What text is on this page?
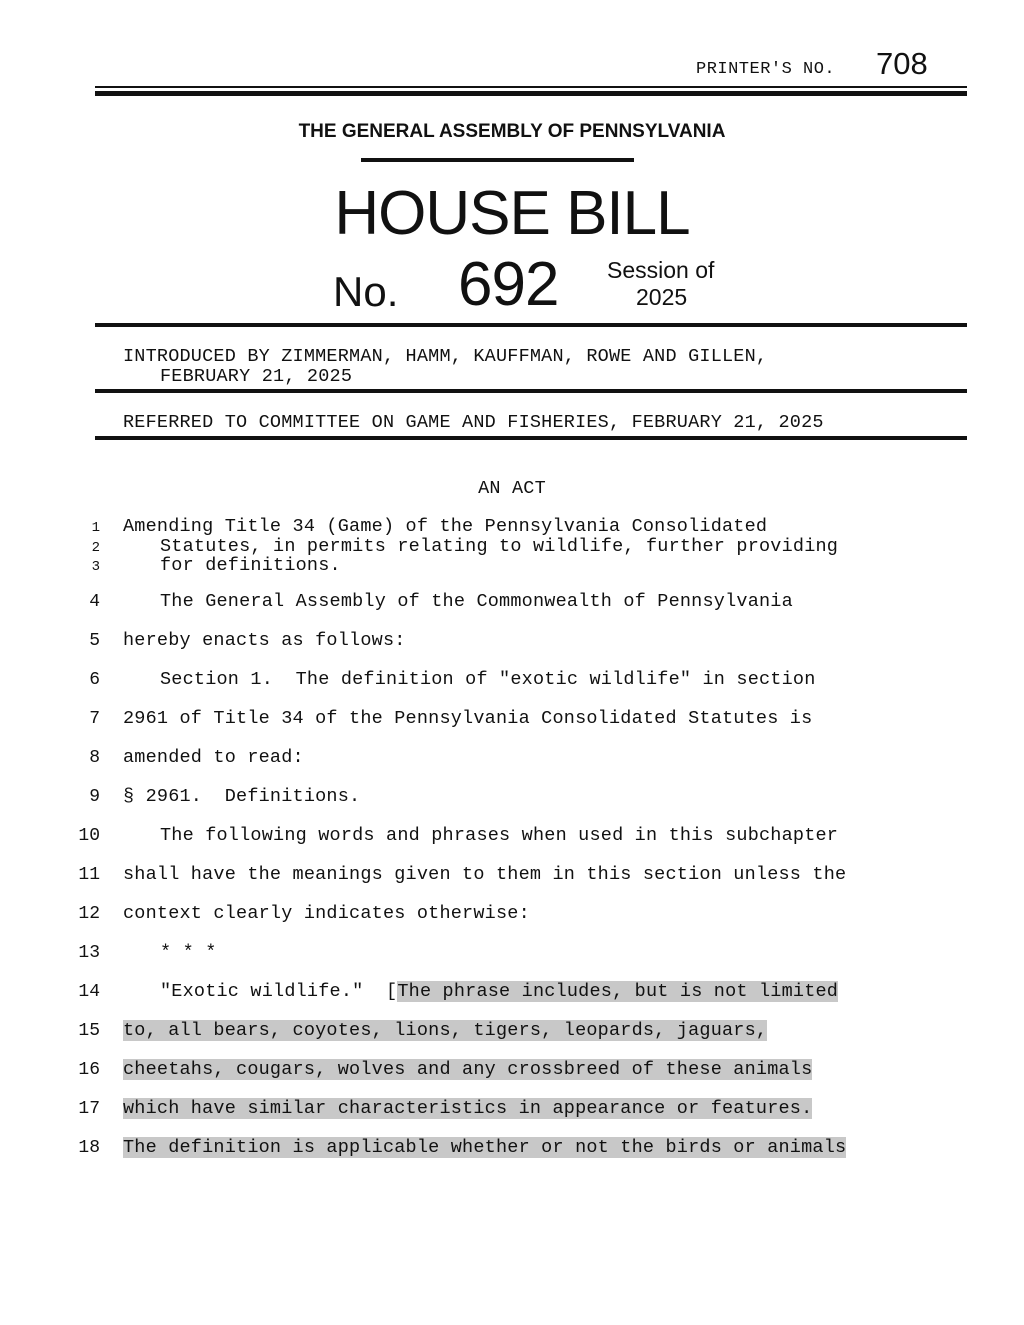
PRINTER'S NO. 708
THE GENERAL ASSEMBLY OF PENNSYLVANIA
HOUSE BILL
No. 692 Session of
2025
INTRODUCED BY ZIMMERMAN, HAMM, KAUFFMAN, ROWE AND GILLEN,
FEBRUARY 21, 2025
REFERRED TO COMMITTEE ON GAME AND FISHERIES, FEBRUARY 21, 2025
AN ACT
1 Amending Title 34 (Game) of the Pennsylvania Consolidated
2	Statutes, in permits relating to wildlife, further providing
3	for definitions.
4	The General Assembly of the Commonwealth of Pennsylvania
5 hereby enacts as follows:
6	Section 1.  The definition of "exotic wildlife" in section
7 2961 of Title 34 of the Pennsylvania Consolidated Statutes is
8 amended to read:
9 § 2961.  Definitions.
10	The following words and phrases when used in this subchapter
11 shall have the meanings given to them in this section unless the
12 context clearly indicates otherwise:
13	* * *
14	"Exotic wildlife."  [The phrase includes, but is not limited
15 to, all bears, coyotes, lions, tigers, leopards, jaguars,
16 cheetahs, cougars, wolves and any crossbreed of these animals
17 which have similar characteristics in appearance or features.
18 The definition is applicable whether or not the birds or animals
